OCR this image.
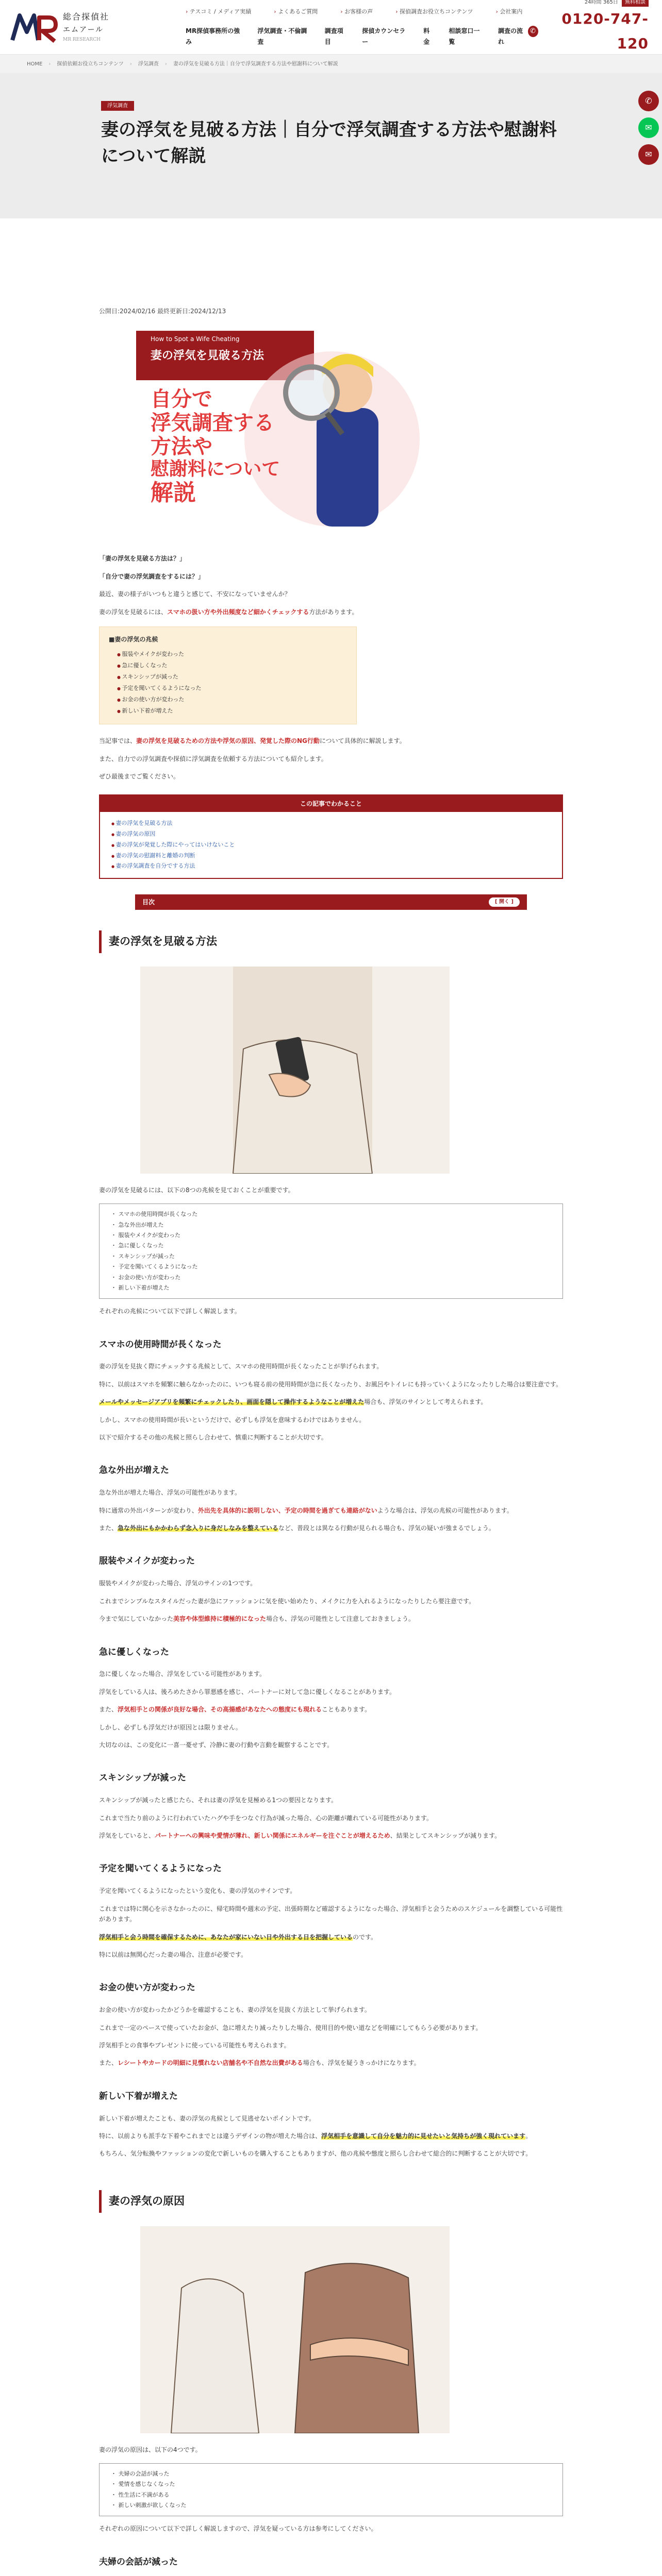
総合探偵社
エムアール
MR RESEARCH
› テスコミ / メディア実績	› よくあるご質問	› お客様の声	› 探偵調査お役立ちコンテンツ	› 会社案内
MR探偵事務所の強み
浮気調査・不倫調査
調査項目
探偵カウンセラー
料金
相談窓口一覧
調査の流れ
24時間 365日 無料相談
✆
0120-747-120
✆
✉
✉
HOME › 探偵依頼お役立ちコンテンツ › 浮気調査 › 妻の浮気を見破る方法｜自分で浮気調査する方法や慰謝料について解説
浮気調査
妻の浮気を見破る方法｜自分で浮気調査する方法や慰謝料について解説
公開日:2024/02/16 最終更新日:2024/12/13
How to Spot a Wife Cheating
妻の浮気を見破る方法
自分で
浮気調査する
方法や
慰謝料について
解説

「妻の浮気を見破る方法は？」

「自分で妻の浮気調査をするには？」

最近、妻の様子がいつもと違うと感じて、不安になっていませんか？

妻の浮気を見破るには、スマホの扱い方や外出頻度など細かくチェックする方法があります。

■妻の浮気の兆候
● 服装やメイクが変わった
● 急に優しくなった
● スキンシップが減った
● 予定を聞いてくるようになった
● お金の使い方が変わった
● 新しい下着が増えた

当記事では、妻の浮気を見破るための方法や浮気の原因、発覚した際のNG行動について具体的に解説します。

また、自力での浮気調査や探偵に浮気調査を依頼する方法についても紹介します。

ぜひ最後までご覧ください。

この記事でわかること
● 妻の浮気を見破る方法
● 妻の浮気の原因
● 妻の浮気が発覚した際にやってはいけないこと
● 妻の浮気の慰謝料と離婚の判断
● 妻の浮気調査を自分でする方法
目次	[ 開く ]
妻の浮気を見破る方法

妻の浮気を見破るには、以下の8つの兆候を見ておくことが重要です。

・ スマホの使用時間が長くなった
・ 急な外出が増えた
・ 服装やメイクが変わった
・ 急に優しくなった
・ スキンシップが減った
・ 予定を聞いてくるようになった
・ お金の使い方が変わった
・ 新しい下着が増えた

それぞれの兆候について以下で詳しく解説します。

スマホの使用時間が長くなった

妻の浮気を見抜く際にチェックする兆候として、スマホの使用時間が長くなったことが挙げられます。

特に、以前はスマホを頻繁に触らなかったのに、いつも寝る前の使用時間が急に長くなったり、お風呂やトイレにも持っていくようになったりした場合は要注意です。

メールやメッセージアプリを頻繁にチェックしたり、画面を隠して操作するようなことが増えた場合も、浮気のサインとして考えられます。

しかし、スマホの使用時間が長いというだけで、必ずしも浮気を意味するわけではありません。

以下で紹介するその他の兆候と照らし合わせて、慎重に判断することが大切です。

急な外出が増えた

急な外出が増えた場合、浮気の可能性があります。

特に通常の外出パターンが変わり、外出先を具体的に説明しない、予定の時間を過ぎても連絡がないような場合は、浮気の兆候の可能性があります。

また、急な外出にもかかわらず念入りに身だしなみを整えているなど、普段とは異なる行動が見られる場合も、浮気の疑いが強まるでしょう。

服装やメイクが変わった

服装やメイクが変わった場合、浮気のサインの1つです。

これまでシンプルなスタイルだった妻が急にファッションに気を使い始めたり、メイクに力を入れるようになったりしたら要注意です。

今まで気にしていなかった美容や体型維持に積極的になった場合も、浮気の可能性として注意しておきましょう。

急に優しくなった

急に優しくなった場合、浮気をしている可能性があります。

浮気をしている人は、後ろめたさから罪悪感を感じ、パートナーに対して急に優しくなることがあります。

また、浮気相手との関係が良好な場合、その高揚感があなたへの態度にも現れることもあります。

しかし、必ずしも浮気だけが原因とは限りません。

大切なのは、この変化に一喜一憂せず、冷静に妻の行動や言動を観察することです。

スキンシップが減った

スキンシップが減ったと感じたら、それは妻の浮気を見極める1つの要因となります。

これまで当たり前のように行われていたハグや手をつなぐ行為が減った場合、心の距離が離れている可能性があります。

浮気をしていると、パートナーへの興味や愛情が薄れ、新しい関係にエネルギーを注ぐことが増えるため、結果としてスキンシップが減ります。

予定を聞いてくるようになった

予定を聞いてくるようになったという変化も、妻の浮気のサインです。

これまでは特に関心を示さなかったのに、帰宅時間や週末の予定、出張時期など確認するようになった場合、浮気相手と会うためのスケジュールを調整している可能性があります。

浮気相手と会う時間を確保するために、あなたが家にいない日や外出する日を把握しているのです。

特に以前は無関心だった妻の場合、注意が必要です。

お金の使い方が変わった

お金の使い方が変わったかどうかを確認することも、妻の浮気を見抜く方法として挙げられます。

これまで一定のペースで使っていたお金が、急に増えたり減ったりした場合、使用目的や使い道などを明確にしてもらう必要があります。

浮気相手との食事やプレゼントに使っている可能性も考えられます。

また、レシートやカードの明細に見慣れない店舗名や不自然な出費がある場合も、浮気を疑うきっかけになります。

新しい下着が増えた

新しい下着が増えたことも、妻の浮気の兆候として見逃せないポイントです。

特に、以前よりも派手な下着やこれまでとは違うデザインの物が増えた場合は、浮気相手を意識して自分を魅力的に見せたいと気持ちが強く現れています。

もちろん、気分転換やファッションの変化で新しいものを購入することもありますが、他の兆候や態度と照らし合わせて総合的に判断することが大切です。

妻の浮気の原因

妻の浮気の原因は、以下の4つです。

・ 夫婦の会話が減った
・ 愛情を感じなくなった
・ 性生活に不満がある
・ 新しい刺激が欲しくなった

それぞれの原因について以下で詳しく解説しますので、浮気を疑っている方は参考にしてください。

夫婦の会話が減った
